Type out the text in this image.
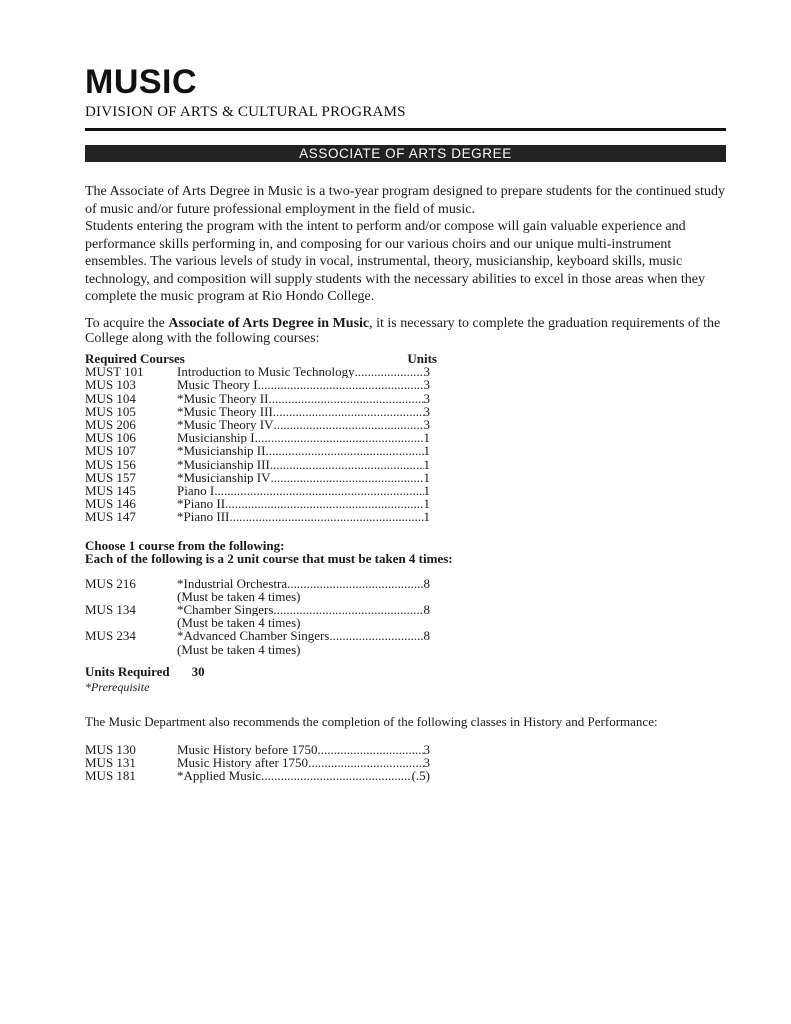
MUSIC
DIVISION OF ARTS & CULTURAL PROGRAMS
ASSOCIATE OF ARTS DEGREE

The Associate of Arts Degree in Music is a two-year program designed to prepare students for the continued study of music and/or future professional employment in the field of music.

Students entering the program with the intent to perform and/or compose will gain valuable experience and performance skills performing in, and composing for our various choirs and our unique multi-instrument ensembles. The various levels of study in vocal, instrumental, theory, musicianship, keyboard skills, music technology, and composition will supply students with the necessary abilities to excel in those areas when they complete the music program at Rio Hondo College.

To acquire the Associate of Arts Degree in Music, it is necessary to complete the graduation requirements of the College along with the following courses:

Required Courses	Units
MUST 101	Introduction to Music Technology .....	3
MUS 103	Music Theory I .....	3
MUS 104	*Music Theory II .....	3
MUS 105	*Music Theory III .....	3
MUS 206	*Music Theory IV .....	3
MUS 106	Musicianship I .....	1
MUS 107	*Musicianship II .....	1
MUS 156	*Musicianship III .....	1
MUS 157	*Musicianship IV .....	1
MUS 145	Piano I .....	1
MUS 146	*Piano II .....	1
MUS 147	*Piano III .....	1
Choose 1 course from the following:
Each of the following is a 2 unit course that must be taken 4 times:
MUS 216	*Industrial Orchestra .....	8
(Must be taken 4 times)
MUS 134	*Chamber Singers .....	8
(Must be taken 4 times)
MUS 234	*Advanced Chamber Singers .....	8
(Must be taken 4 times)
Units Required 30
*Prerequisite
The Music Department also recommends the completion of the following classes in History and Performance:
MUS 130	Music History before 1750 .....	3
MUS 131	Music History after 1750 .....	3
MUS 181	*Applied Music .....	(.5)
